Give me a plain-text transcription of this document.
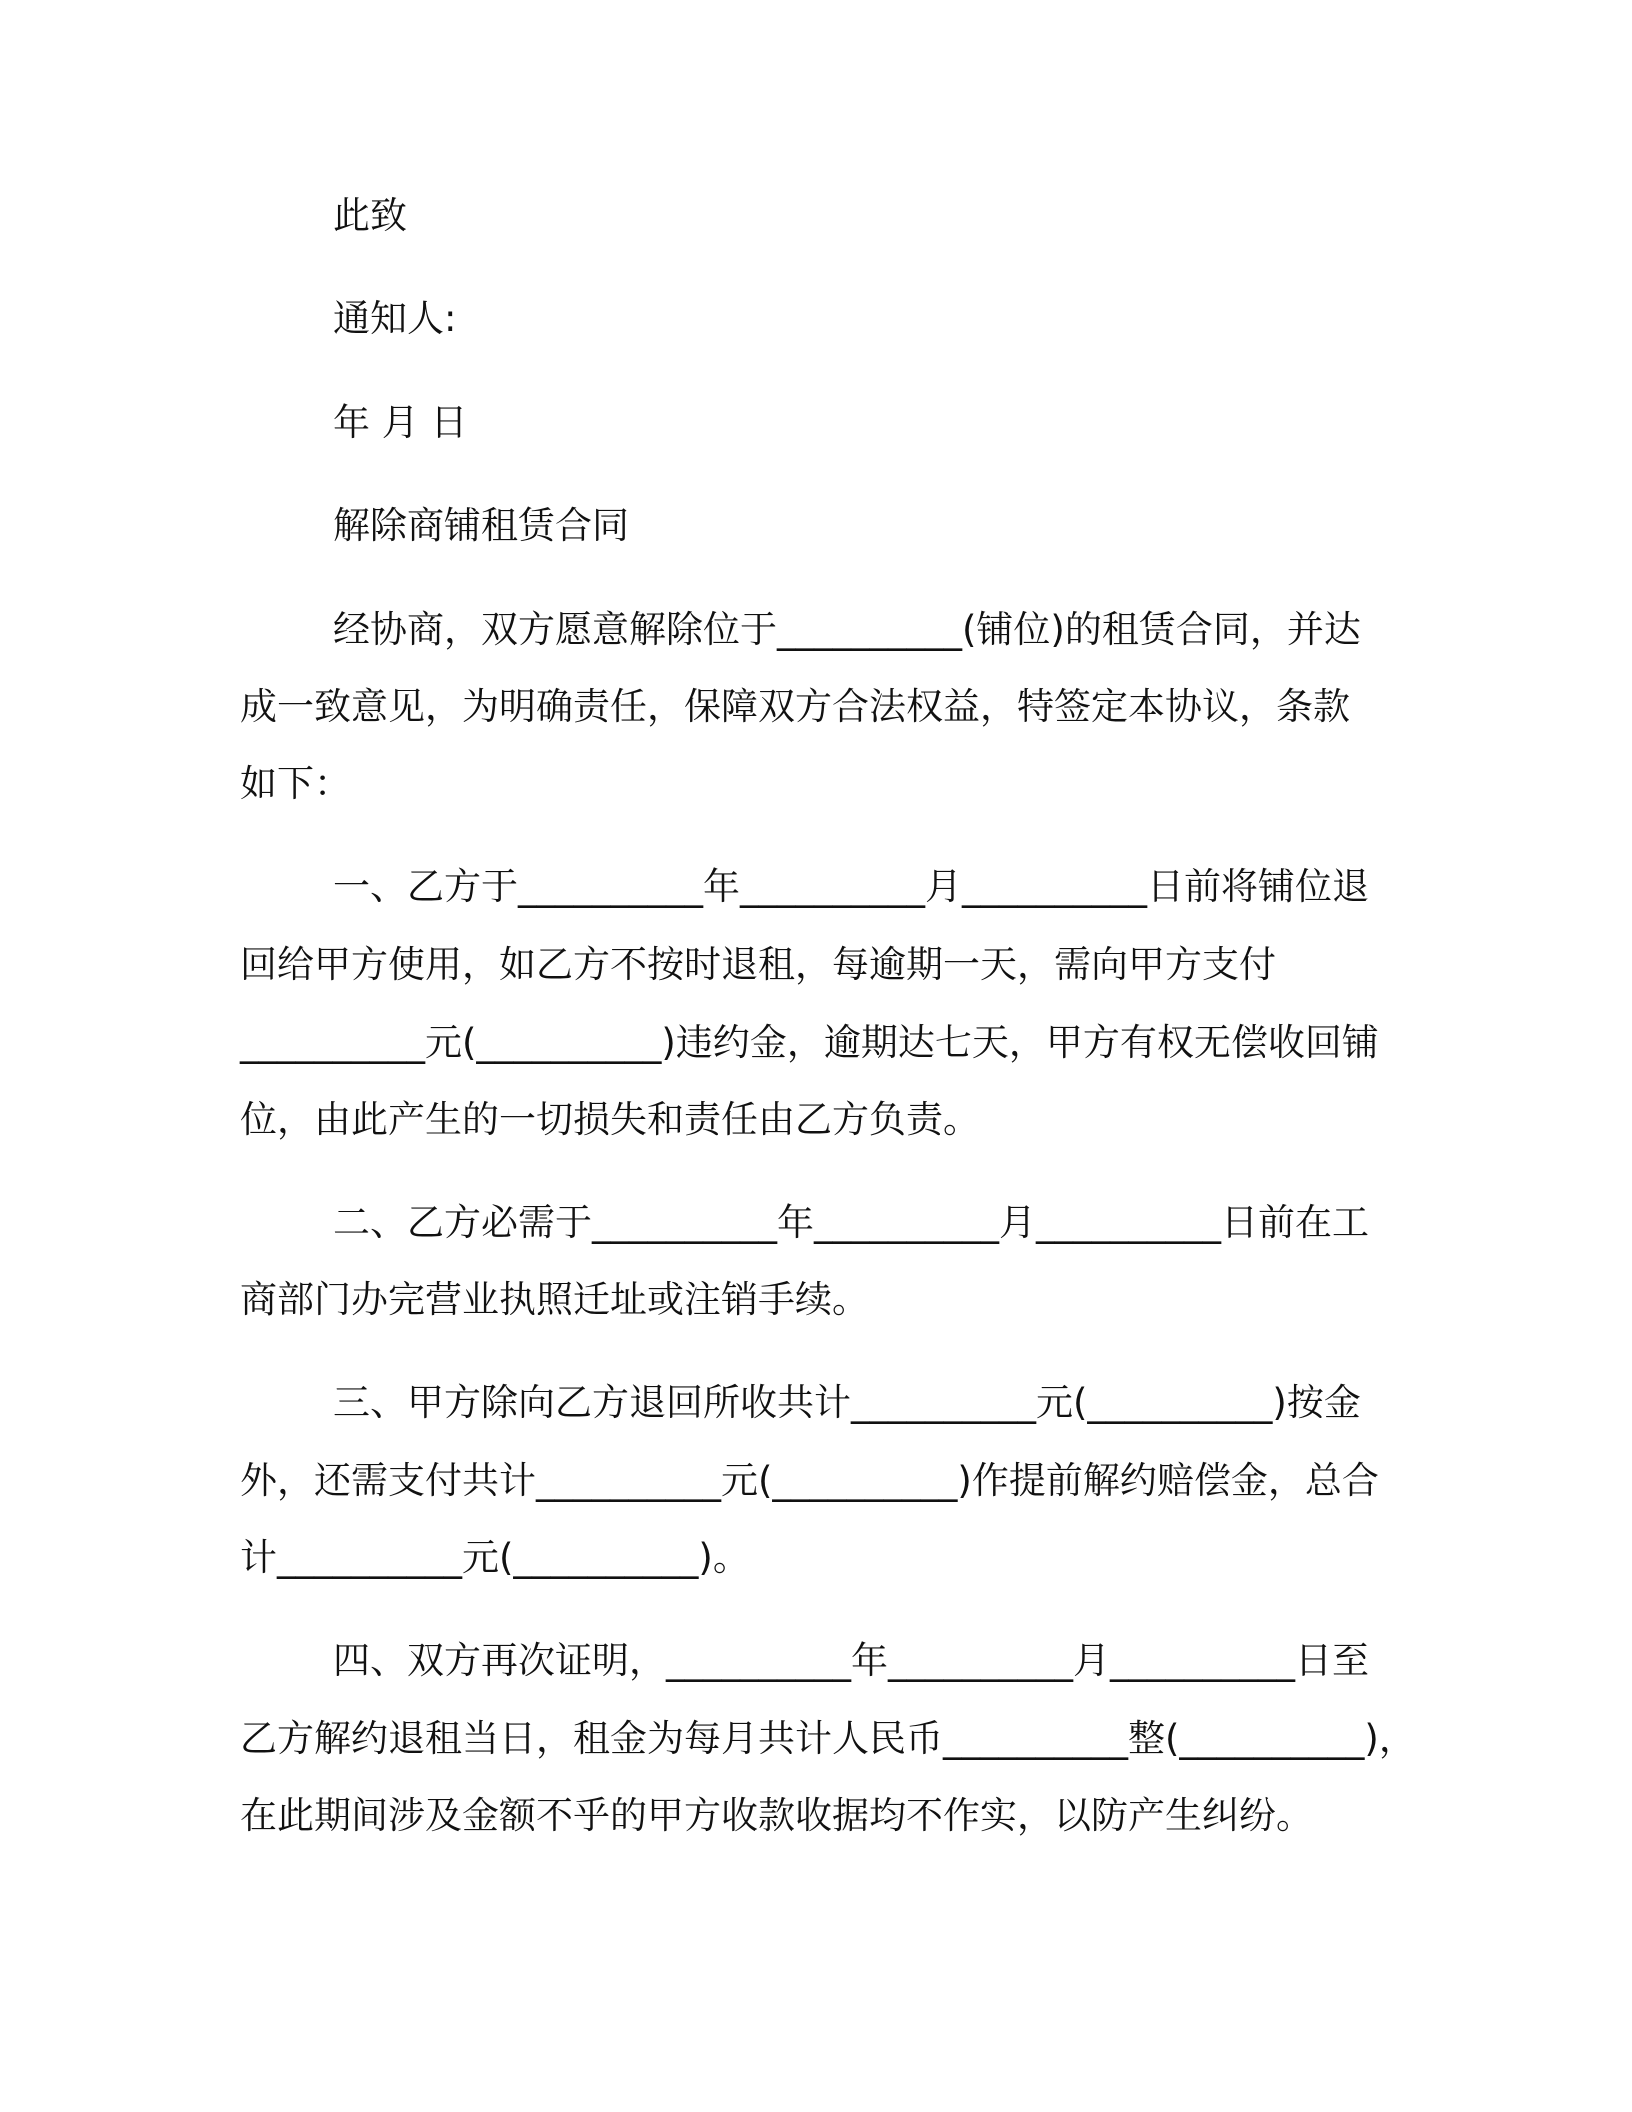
此致
通知人:
年 月 日
解除商铺租赁合同
经协商，双方愿意解除位于__________(铺位)的租赁合同，并达
成一致意见，为明确责任，保障双方合法权益，特签定本协议，条款
如下：
一、乙方于__________年__________月__________日前将铺位退
回给甲方使用，如乙方不按时退租，每逾期一天，需向甲方支付
__________元(__________)违约金，逾期达七天，甲方有权无偿收回铺
位，由此产生的一切损失和责任由乙方负责。
二、乙方必需于__________年__________月__________日前在工
商部门办完营业执照迁址或注销手续。
三、甲方除向乙方退回所收共计__________元(__________)按金
外，还需支付共计__________元(__________)作提前解约赔偿金，总合
计__________元(__________)。
四、双方再次证明，__________年__________月__________日至
乙方解约退租当日，租金为每月共计人民币__________整(__________)，
在此期间涉及金额不乎的甲方收款收据均不作实，以防产生纠纷。
